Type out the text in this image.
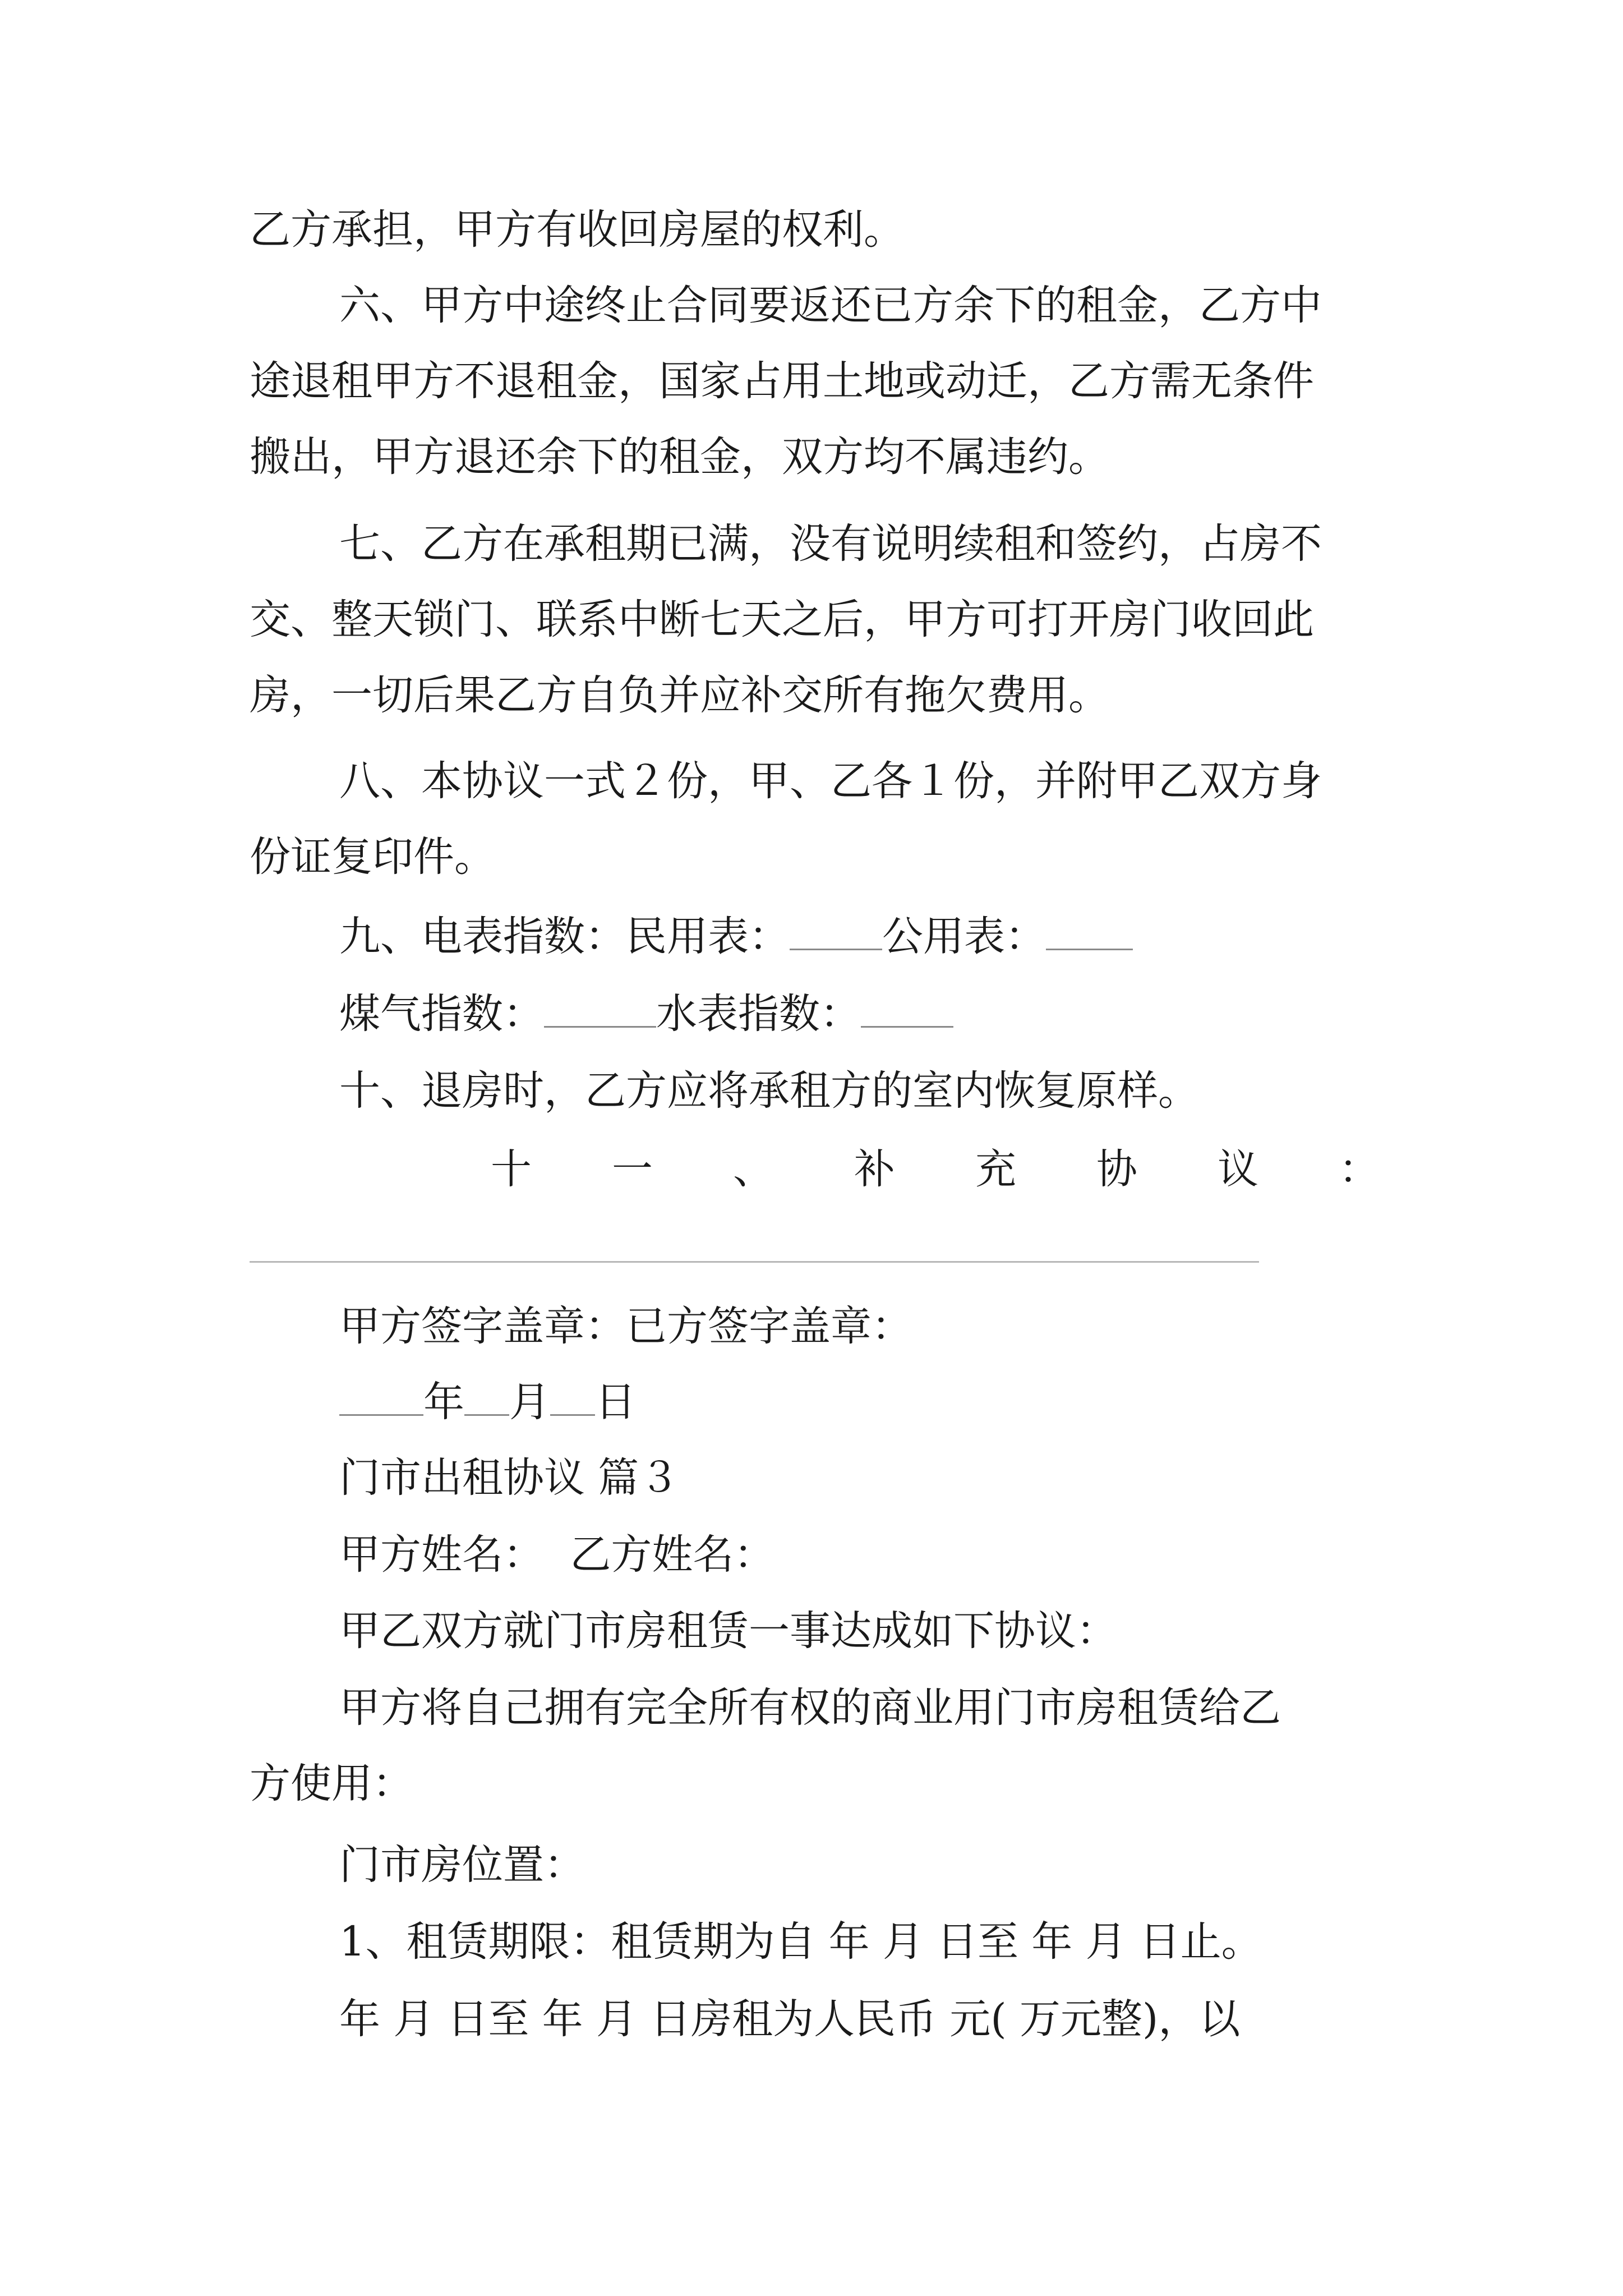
乙方承担，甲方有收回房屋的权利。
六、甲方中途终止合同要返还已方余下的租金，乙方中
途退租甲方不退租金，国家占用土地或动迁，乙方需无条件
搬出，甲方退还余下的租金，双方均不属违约。
七、乙方在承租期已满，没有说明续租和签约，占房不
交、整天锁门、联系中断七天之后，甲方可打开房门收回此
房，一切后果乙方自负并应补交所有拖欠费用。
八、本协议一式２份，甲、乙各１份，并附甲乙双方身
份证复印件。
九、电表指数：民用表： 公用表：
煤气指数：	水表指数：
十、退房时，乙方应将承租方的室内恢复原样。
十 一 、 补 充 协 议 ：
甲方签字盖章：已方签字盖章：
年 月 日
门市出租协议 篇３
甲方姓名：  乙方姓名：
甲乙双方就门市房租赁一事达成如下协议：
甲方将自己拥有完全所有权的商业用门市房租赁给乙
方使用：
门市房位置：
1、租赁期限：租赁期为自 年 月 日至 年 月 日止。
年 月 日至 年 月 日房租为人民币 元( 万元整)，以
